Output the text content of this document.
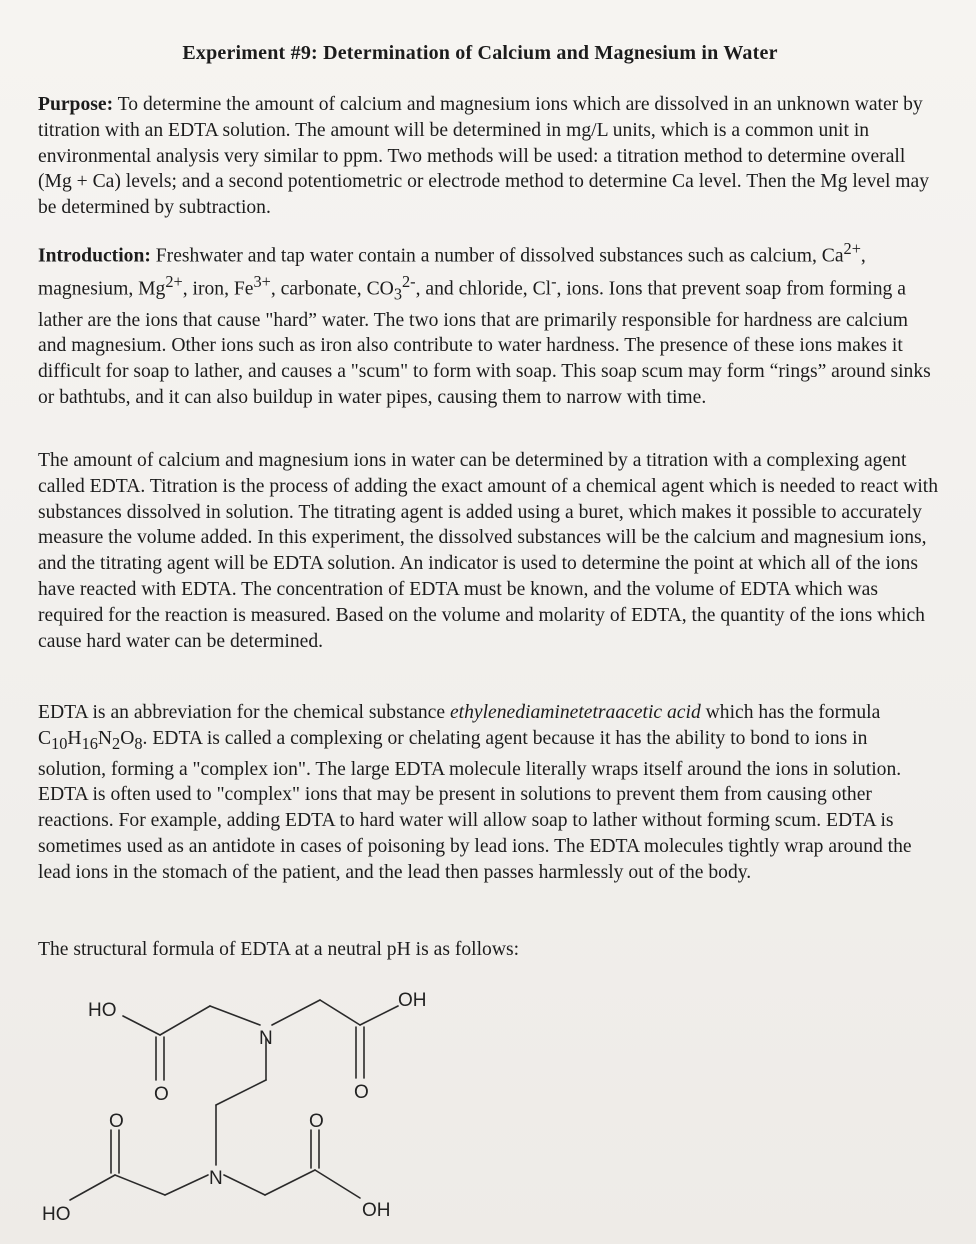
Experiment #9: Determination of Calcium and Magnesium in Water
Purpose: To determine the amount of calcium and magnesium ions which are dissolved in an unknown water by titration with an EDTA solution. The amount will be determined in mg/L units, which is a common unit in environmental analysis very similar to ppm. Two methods will be used: a titration method to determine overall (Mg + Ca) levels; and a second potentiometric or electrode method to determine Ca level. Then the Mg level may be determined by subtraction.
Introduction: Freshwater and tap water contain a number of dissolved substances such as calcium, $Ca^{2+}$, magnesium, $Mg^{2+}$, iron, $Fe^{3+}$, carbonate, $CO_3^{2-}$, and chloride, Cl-, ions. Ions that prevent soap from forming a lather are the ions that cause "hard” water. The two ions that are primarily responsible for hardness are calcium and magnesium. Other ions such as iron also contribute to water hardness. The presence of these ions makes it difficult for soap to lather, and causes a "scum" to form with soap. This soap scum may form “rings” around sinks or bathtubs, and it can also buildup in water pipes, causing them to narrow with time.
The amount of calcium and magnesium ions in water can be determined by a titration with a complexing agent called EDTA. Titration is the process of adding the exact amount of a chemical agent which is needed to react with substances dissolved in solution. The titrating agent is added using a buret, which makes it possible to accurately measure the volume added. In this experiment, the dissolved substances will be the calcium and magnesium ions, and the titrating agent will be EDTA solution. An indicator is used to determine the point at which all of the ions have reacted with EDTA. The concentration of EDTA must be known, and the volume of EDTA which was required for the reaction is measured. Based on the volume and molarity of EDTA, the quantity of the ions which cause hard water can be determined.
EDTA is an abbreviation for the chemical substance ethylenediaminetetraacetic acid which has the formula $C_{10}H_{16}N_2O_8$. EDTA is called a complexing or chelating agent because it has the ability to bond to ions in solution, forming a "complex ion". The large EDTA molecule literally wraps itself around the ions in solution. EDTA is often used to "complex" ions that may be present in solutions to prevent them from causing other reactions. For example, adding EDTA to hard water will allow soap to lather without forming scum. EDTA is sometimes used as an antidote in cases of poisoning by lead ions. The EDTA molecules tightly wrap around the lead ions in the stomach of the patient, and the lead then passes harmlessly out of the body.
The structural formula of EDTA at a neutral pH is as follows:
HO	OH
N
O	O
O	O
N
HO	OH
